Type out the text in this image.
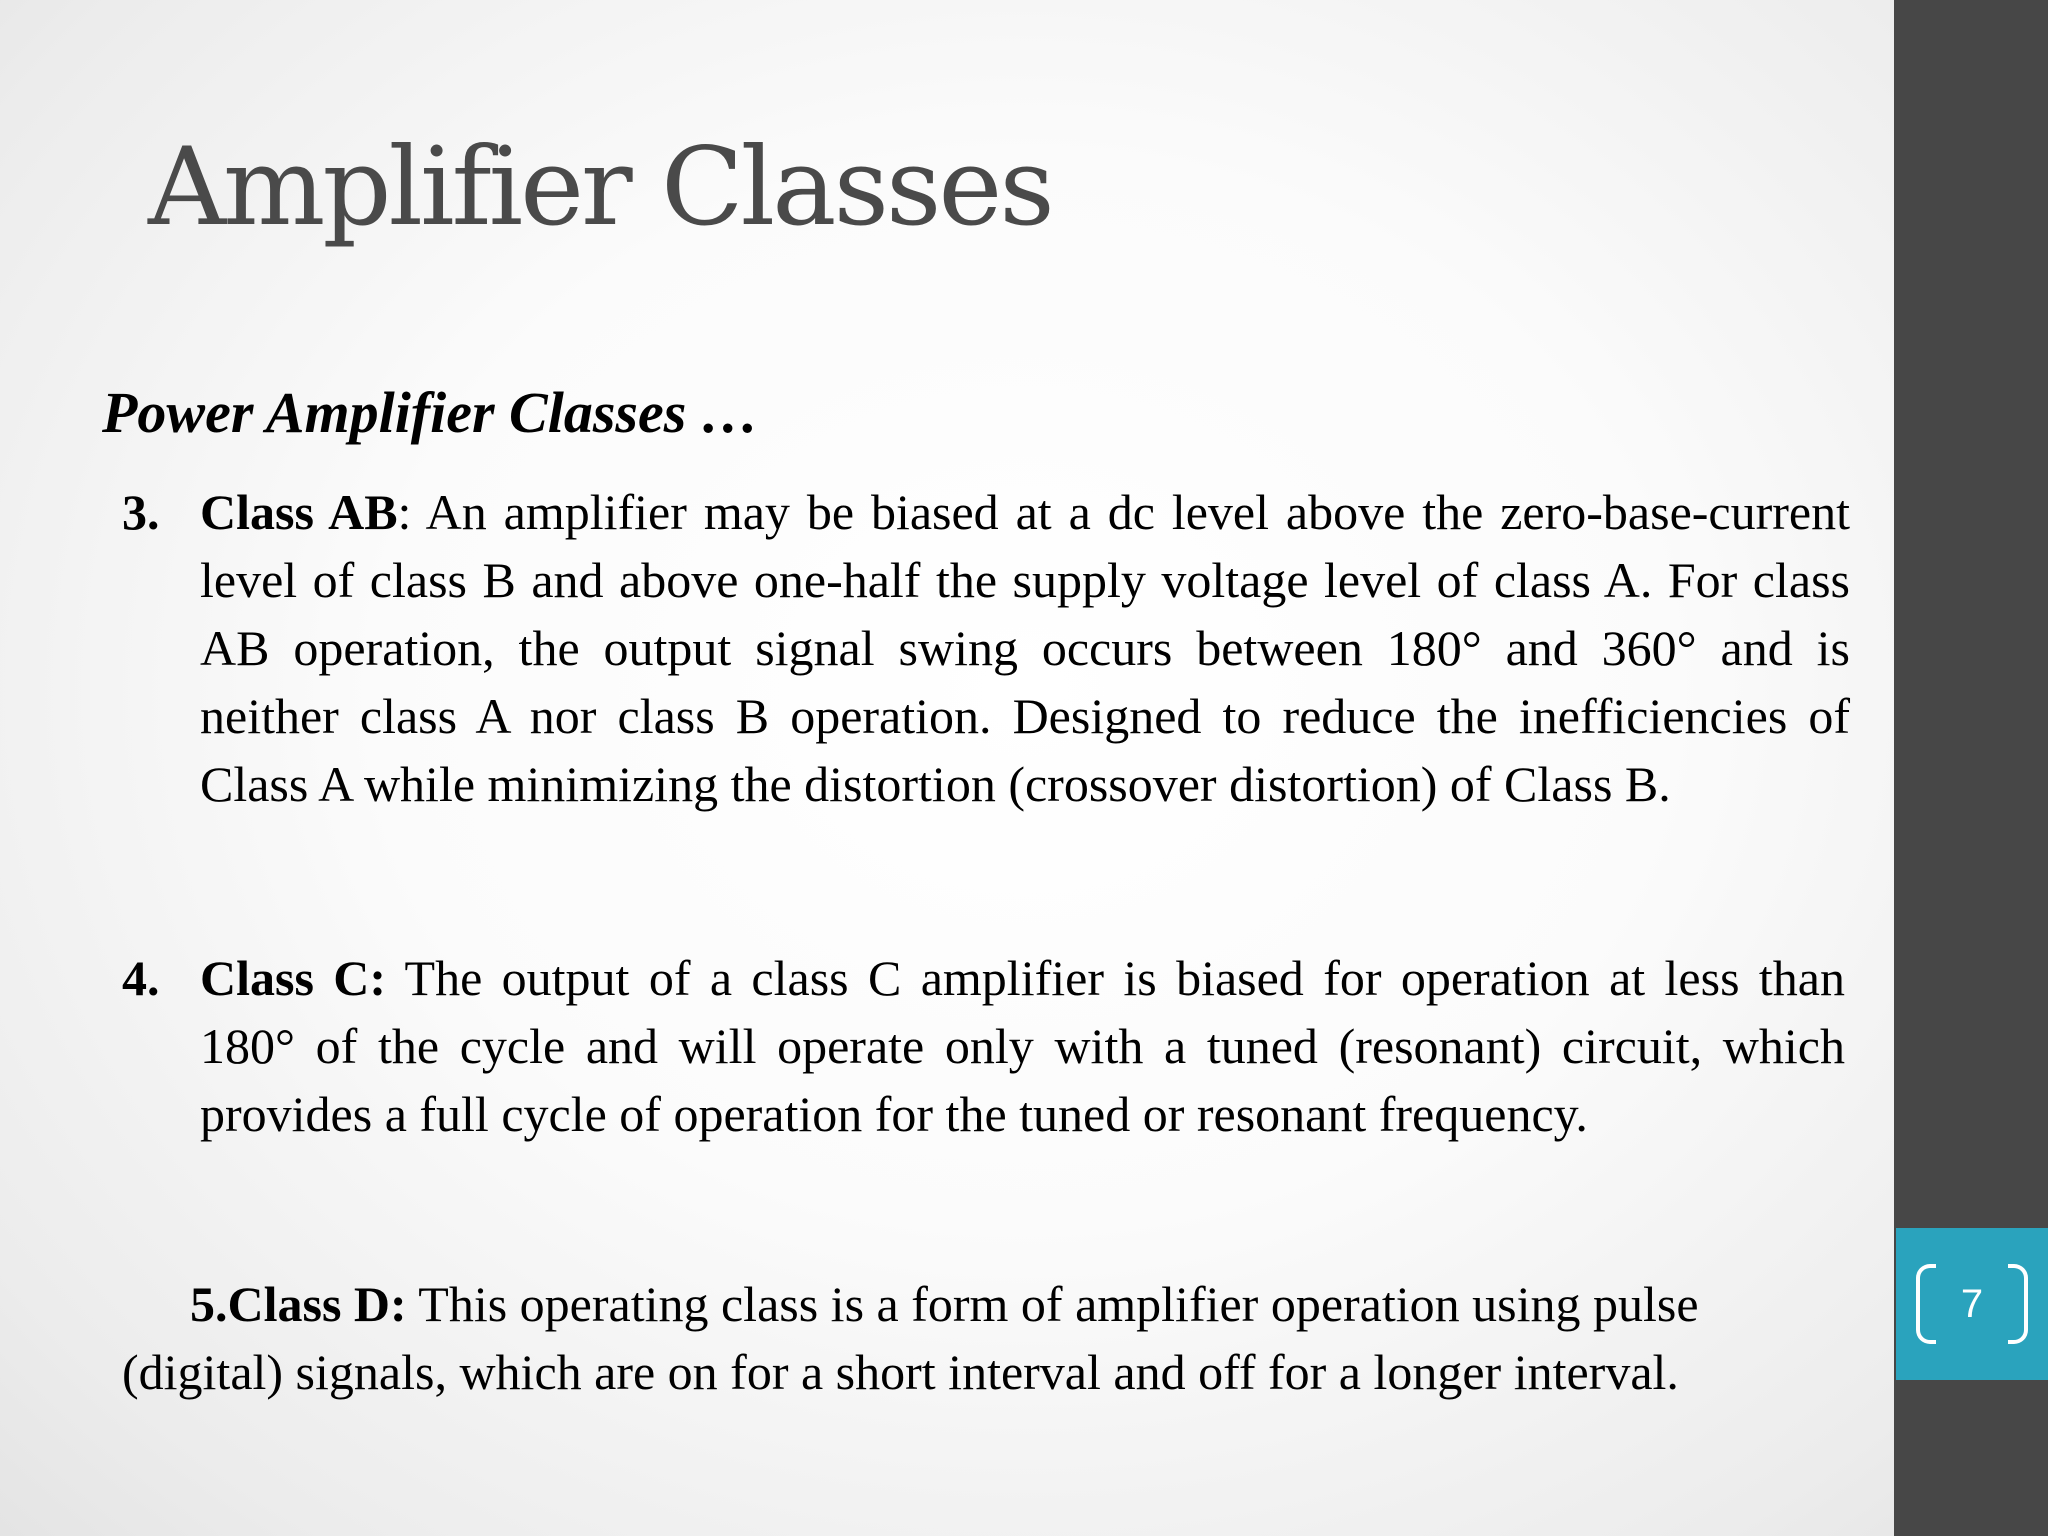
7
Amplifier Classes
Power Amplifier Classes …
3. Class AB: An amplifier may be biased at a dc level above the zero-base-current level of class B and above one-half the supply voltage level of class A. For class AB operation, the output signal swing occurs between 180° and 360° and is neither class A nor class B operation. Designed to reduce the inefficiencies of Class A while minimizing the distortion (crossover distortion) of Class B.
4. Class C: The output of a class C amplifier is biased for operation at less than 180° of the cycle and will operate only with a tuned (resonant) circuit, which provides a full cycle of operation for the tuned or resonant frequency.
5.Class D: This operating class is a form of amplifier operation using pulse (digital) signals, which are on for a short interval and off for a longer interval.
